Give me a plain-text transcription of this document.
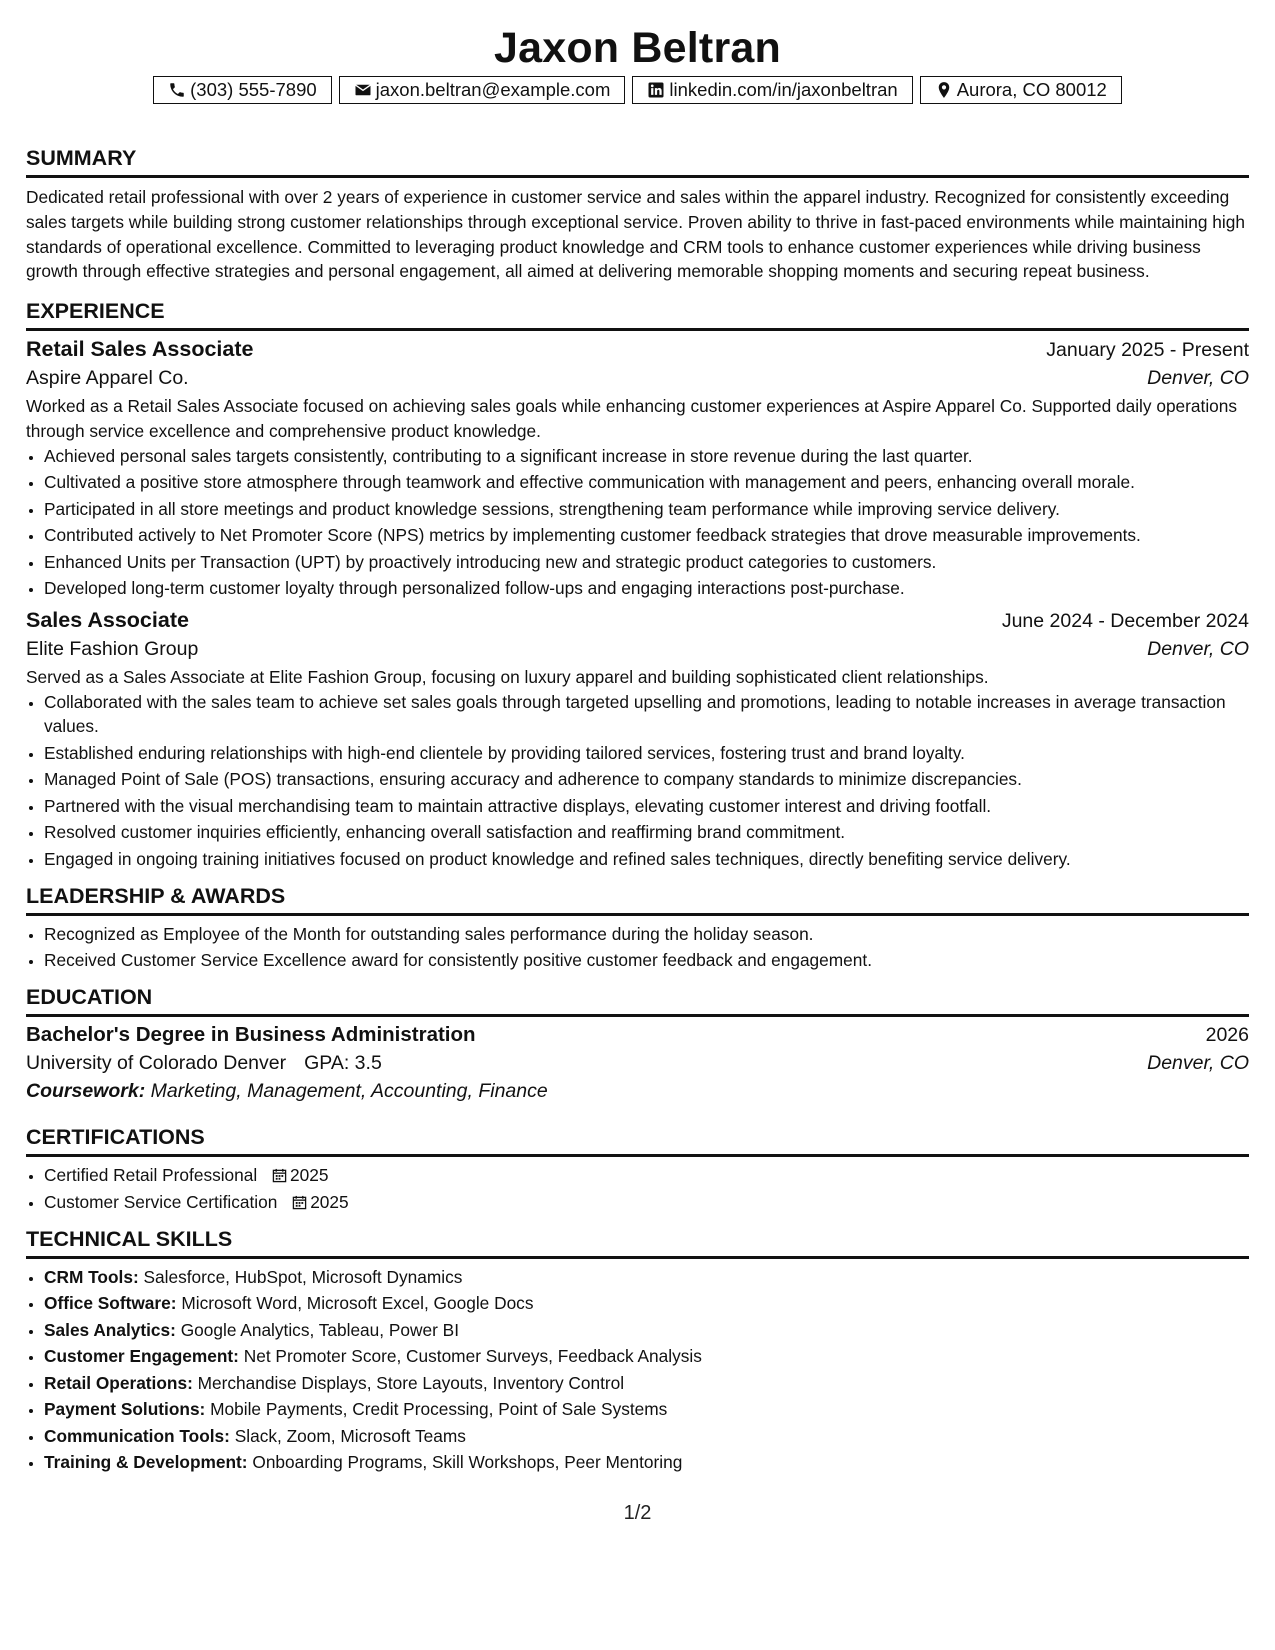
Jaxon Beltran
(303) 555-7890	jaxon.beltran@example.com	linkedin.com/in/jaxonbeltran	Aurora, CO 80012
SUMMARY

Dedicated retail professional with over 2 years of experience in customer service and sales within the apparel industry. Recognized for consistently exceeding sales targets while building strong customer relationships through exceptional service. Proven ability to thrive in fast-paced environments while maintaining high standards of operational excellence. Committed to leveraging product knowledge and CRM tools to enhance customer experiences while driving business growth through effective strategies and personal engagement, all aimed at delivering memorable shopping moments and securing repeat business.

EXPERIENCE
Retail Sales Associate	January 2025 - Present
Aspire Apparel Co.	Denver, CO

Worked as a Retail Sales Associate focused on achieving sales goals while enhancing customer experiences at Aspire Apparel Co. Supported daily operations through service excellence and comprehensive product knowledge.

• Achieved personal sales targets consistently, contributing to a significant increase in store revenue during the last quarter.
• Cultivated a positive store atmosphere through teamwork and effective communication with management and peers, enhancing overall morale.
• Participated in all store meetings and product knowledge sessions, strengthening team performance while improving service delivery.
• Contributed actively to Net Promoter Score (NPS) metrics by implementing customer feedback strategies that drove measurable improvements.
• Enhanced Units per Transaction (UPT) by proactively introducing new and strategic product categories to customers.
• Developed long-term customer loyalty through personalized follow-ups and engaging interactions post-purchase.
Sales Associate	June 2024 - December 2024
Elite Fashion Group	Denver, CO

Served as a Sales Associate at Elite Fashion Group, focusing on luxury apparel and building sophisticated client relationships.

• Collaborated with the sales team to achieve set sales goals through targeted upselling and promotions, leading to notable increases in average transaction values.
• Established enduring relationships with high-end clientele by providing tailored services, fostering trust and brand loyalty.
• Managed Point of Sale (POS) transactions, ensuring accuracy and adherence to company standards to minimize discrepancies.
• Partnered with the visual merchandising team to maintain attractive displays, elevating customer interest and driving footfall.
• Resolved customer inquiries efficiently, enhancing overall satisfaction and reaffirming brand commitment.
• Engaged in ongoing training initiatives focused on product knowledge and refined sales techniques, directly benefiting service delivery.
LEADERSHIP & AWARDS
• Recognized as Employee of the Month for outstanding sales performance during the holiday season.
• Received Customer Service Excellence award for consistently positive customer feedback and engagement.
EDUCATION
Bachelor's Degree in Business Administration	2026
University of Colorado Denver GPA: 3.5	Denver, CO
Coursework: Marketing, Management, Accounting, Finance
CERTIFICATIONS
• Certified Retail Professional 2025
• Customer Service Certification 2025
TECHNICAL SKILLS
• CRM Tools: Salesforce, HubSpot, Microsoft Dynamics
• Office Software: Microsoft Word, Microsoft Excel, Google Docs
• Sales Analytics: Google Analytics, Tableau, Power BI
• Customer Engagement: Net Promoter Score, Customer Surveys, Feedback Analysis
• Retail Operations: Merchandise Displays, Store Layouts, Inventory Control
• Payment Solutions: Mobile Payments, Credit Processing, Point of Sale Systems
• Communication Tools: Slack, Zoom, Microsoft Teams
• Training & Development: Onboarding Programs, Skill Workshops, Peer Mentoring
1/2
